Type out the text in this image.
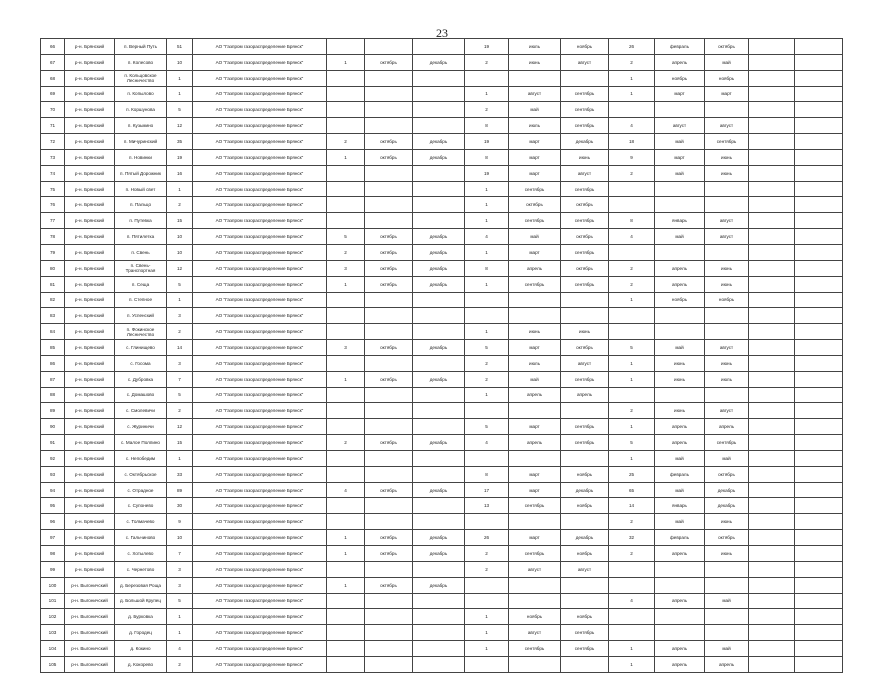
23
66	р-н. Брянский	п. Верный Путь	51	АО "Газпром газораспределение Брянск"				19	июль	ноябрь	26	февраль	октябрь		
67	р-н. Брянский	п. Колесово	10	АО "Газпром газораспределение Брянск"	1	октябрь	декабрь	2	июнь	август	2	апрель	май		
68	р-н. Брянский	п. Кольцовское Лесничество	1	АО "Газпром газораспределение Брянск"							1	ноябрь	ноябрь		
69	р-н. Брянский	п. Копылово	1	АО "Газпром газораспределение Брянск"				1	август	сентябрь	1	март	март		
70	р-н. Брянский	п. Коршунова	5	АО "Газпром газораспределение Брянск"				2	май	сентябрь					
71	р-н. Брянский	п. Кузьмино	12	АО "Газпром газораспределение Брянск"				8	июль	сентябрь	4	август	август		
72	р-н. Брянский	п. Мичуринский	35	АО "Газпром газораспределение Брянск"	2	октябрь	декабрь	19	март	декабрь	18	май	сентябрь		
73	р-н. Брянский	п. Новинки	19	АО "Газпром газораспределение Брянск"	1	октябрь	декабрь	8	март	июнь	9	март	июнь		
74	р-н. Брянский	п. Пятый Дорожник	16	АО "Газпром газораспределение Брянск"				19	март	август	2	май	июнь		
75	р-н. Брянский	п. Новый свет	1	АО "Газпром газораспределение Брянск"				1	сентябрь	сентябрь					
76	р-н. Брянский	п. Пальцо	2	АО "Газпром газораспределение Брянск"				1	октябрь	октябрь					
77	р-н. Брянский	п. Путевка	15	АО "Газпром газораспределение Брянск"				1	сентябрь	сентябрь	8	январь	август		
78	р-н. Брянский	п. Пятилетка	10	АО "Газпром газораспределение Брянск"	5	октябрь	декабрь	4	май	октябрь	4	май	август		
79	р-н. Брянский	п. Свень	10	АО "Газпром газораспределение Брянск"	2	октябрь	декабрь	1	март	сентябрь					
80	р-н. Брянский	п. Свень-Транспортная	12	АО "Газпром газораспределение Брянск"	3	октябрь	декабрь	8	апрель	октябрь	2	апрель	июнь		
81	р-н. Брянский	п. Сеща	5	АО "Газпром газораспределение Брянск"	1	октябрь	декабрь	1	сентябрь	сентябрь	2	апрель	июнь		
82	р-н. Брянский	п. Степное	1	АО "Газпром газораспределение Брянск"							1	ноябрь	ноябрь		
83	р-н. Брянский	п. Успенский	3	АО "Газпром газораспределение Брянск"											
84	р-н. Брянский	п. Фокинское Лесничество	2	АО "Газпром газораспределение Брянск"				1	июнь	июнь					
85	р-н. Брянский	с. Глинищево	14	АО "Газпром газораспределение Брянск"	3	октябрь	декабрь	5	март	октябрь	5	май	август		
86	р-н. Брянский	с. Госома	3	АО "Газпром газораспределение Брянск"				2	июль	август	1	июнь	июнь		
87	р-н. Брянский	с. Дубровка	7	АО "Газпром газораспределение Брянск"	1	октябрь	декабрь	2	май	сентябрь	1	июнь	июль		
88	р-н. Брянский	с. Домашово	5	АО "Газпром газораспределение Брянск"				1	апрель	апрель					
89	р-н. Брянский	с. Смолевичи	2	АО "Газпром газораспределение Брянск"							2	июнь	август		
90	р-н. Брянский	с. Журиничи	12	АО "Газпром газораспределение Брянск"				5	март	сентябрь	1	апрель	апрель		
91	р-н. Брянский	с. Малое Полпино	15	АО "Газпром газораспределение Брянск"	2	октябрь	декабрь	4	апрель	сентябрь	5	апрель	сентябрь		
92	р-н. Брянский	с. Непобедим	1	АО "Газпром газораспределение Брянск"							1	май	май		
93	р-н. Брянский	с. Октябрьское	33	АО "Газпром газораспределение Брянск"				8	март	ноябрь	25	февраль	октябрь		
94	р-н. Брянский	с. Отрадное	89	АО "Газпром газораспределение Брянск"	4	октябрь	декабрь	17	март	декабрь	65	май	декабрь		
95	р-н. Брянский	с. Супонево	30	АО "Газпром газораспределение Брянск"				13	сентябрь	ноябрь	14	январь	декабрь		
96	р-н. Брянский	с. Толмачево	9	АО "Газпром газораспределение Брянск"							2	май	июнь		
97	р-н. Брянский	с. Гальчиново	10	АО "Газпром газораспределение Брянск"	1	октябрь	декабрь	26	март	декабрь	32	февраль	октябрь		
98	р-н. Брянский	с. Хотылево	7	АО "Газпром газораспределение Брянск"	1	октябрь	декабрь	2	сентябрь	ноябрь	2	апрель	июнь		
99	р-н. Брянский	с. Чернетово	3	АО "Газпром газораспределение Брянск"				2	август	август					
100	р-н. Выгоничский	д. Березовая Роща	3	АО "Газпром газораспределение Брянск"	1	октябрь	декабрь								
101	р-н. Выгоничский	д. Большой Крупец	5	АО "Газпром газораспределение Брянск"							4	апрель	май		
102	р-н. Выгоничский	д. Бурковка	1	АО "Газпром газораспределение Брянск"				1	ноябрь	ноябрь					
103	р-н. Выгоничский	д. Городец	1	АО "Газпром газораспределение Брянск"				1	август	сентябрь					
104	р-н. Выгоничский	д. Кокино	4	АО "Газпром газораспределение Брянск"				1	сентябрь	сентябрь	1	апрель	май		
105	р-н. Выгоничский	д. Кокорево	2	АО "Газпром газораспределение Брянск"							1	апрель	апрель		
